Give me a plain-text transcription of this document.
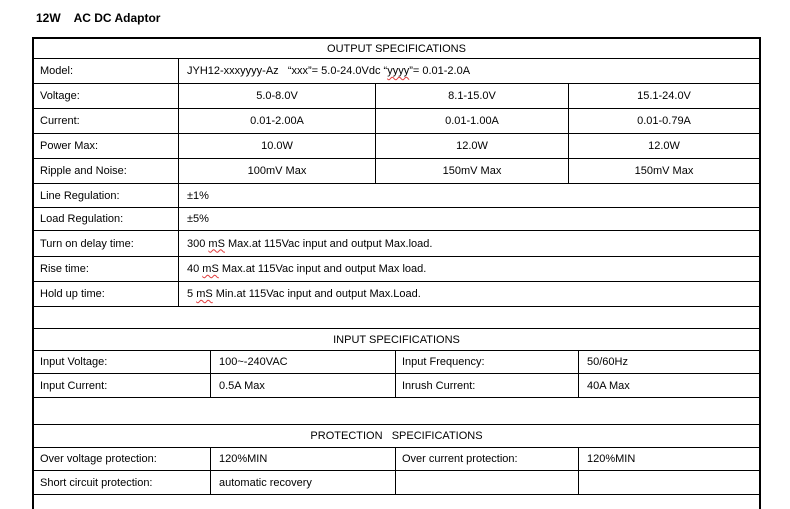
12W    AC DC Adaptor
OUTPUT SPECIFICATIONS
Model:	JYH12-xxxyyyy-Az   “xxx”= 5.0-24.0Vdc “ yyyy ”= 0.01-2.0A
Voltage:	5.0-8.0V	8.1-15.0V	15.1-24.0V
Current:	0.01-2.00A	0.01-1.00A	0.01-0.79A
Power Max:	10.0W	12.0W	12.0W
Ripple and Noise:	100mV Max	150mV Max	150mV Max
Line Regulation:	±1%
Load Regulation:	±5%
Turn on delay time:	300 mS Max.at 115Vac input and output Max.load.
Rise time:	40 mS Max.at 115Vac input and output Max load.
Hold up time:	5 mS Min.at 115Vac input and output Max.Load.
INPUT SPECIFICATIONS
Input Voltage:	100~-240VAC	Input Frequency:	50/60Hz
Input Current:	0.5A Max	Inrush Current:	40A Max
PROTECTION   SPECIFICATIONS
Over voltage protection:	120%MIN	Over current protection:	120%MIN
Short circuit protection:	automatic recovery
